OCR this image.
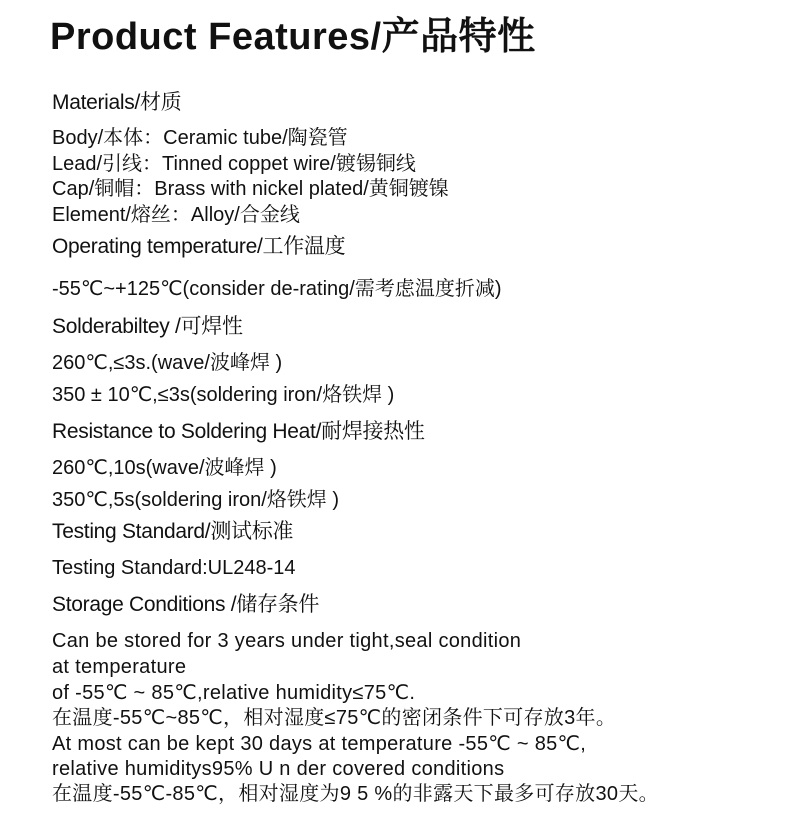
Product Features/产品特性
Materials/材质
Body/本体：Ceramic tube/陶瓷管
Lead/引线：Tinned coppet wire/镀锡铜线
Cap/铜帽：Brass with nickel plated/黄铜镀镍
Element/熔丝：Alloy/合金线
Operating temperature/工作温度
-55℃~+125℃(consider de-rating/需考虑温度折减)
Solderabiltey /可焊性
260℃,≤3s.(wave/波峰焊 )
350 ± 10℃,≤3s(soldering iron/烙铁焊 )
Resistance to Soldering Heat/耐焊接热性
260℃,10s(wave/波峰焊 )
350℃,5s(soldering iron/烙铁焊 )
Testing Standard/测试标准
Testing Standard:UL248-14
Storage Conditions /储存条件
Can be stored for 3 years under tight,seal condition
at temperature
of -55℃ ~ 85℃,relative humidity≤75℃.
在温度-55℃~85℃，相对湿度≤75℃的密闭条件下可存放3年。
At most can be kept 30 days at temperature -55℃ ~ 85℃,
relative humiditys95% U n der covered conditions
在温度-55℃-85℃，相对湿度为9 5 %的非露天下最多可存放30天。
